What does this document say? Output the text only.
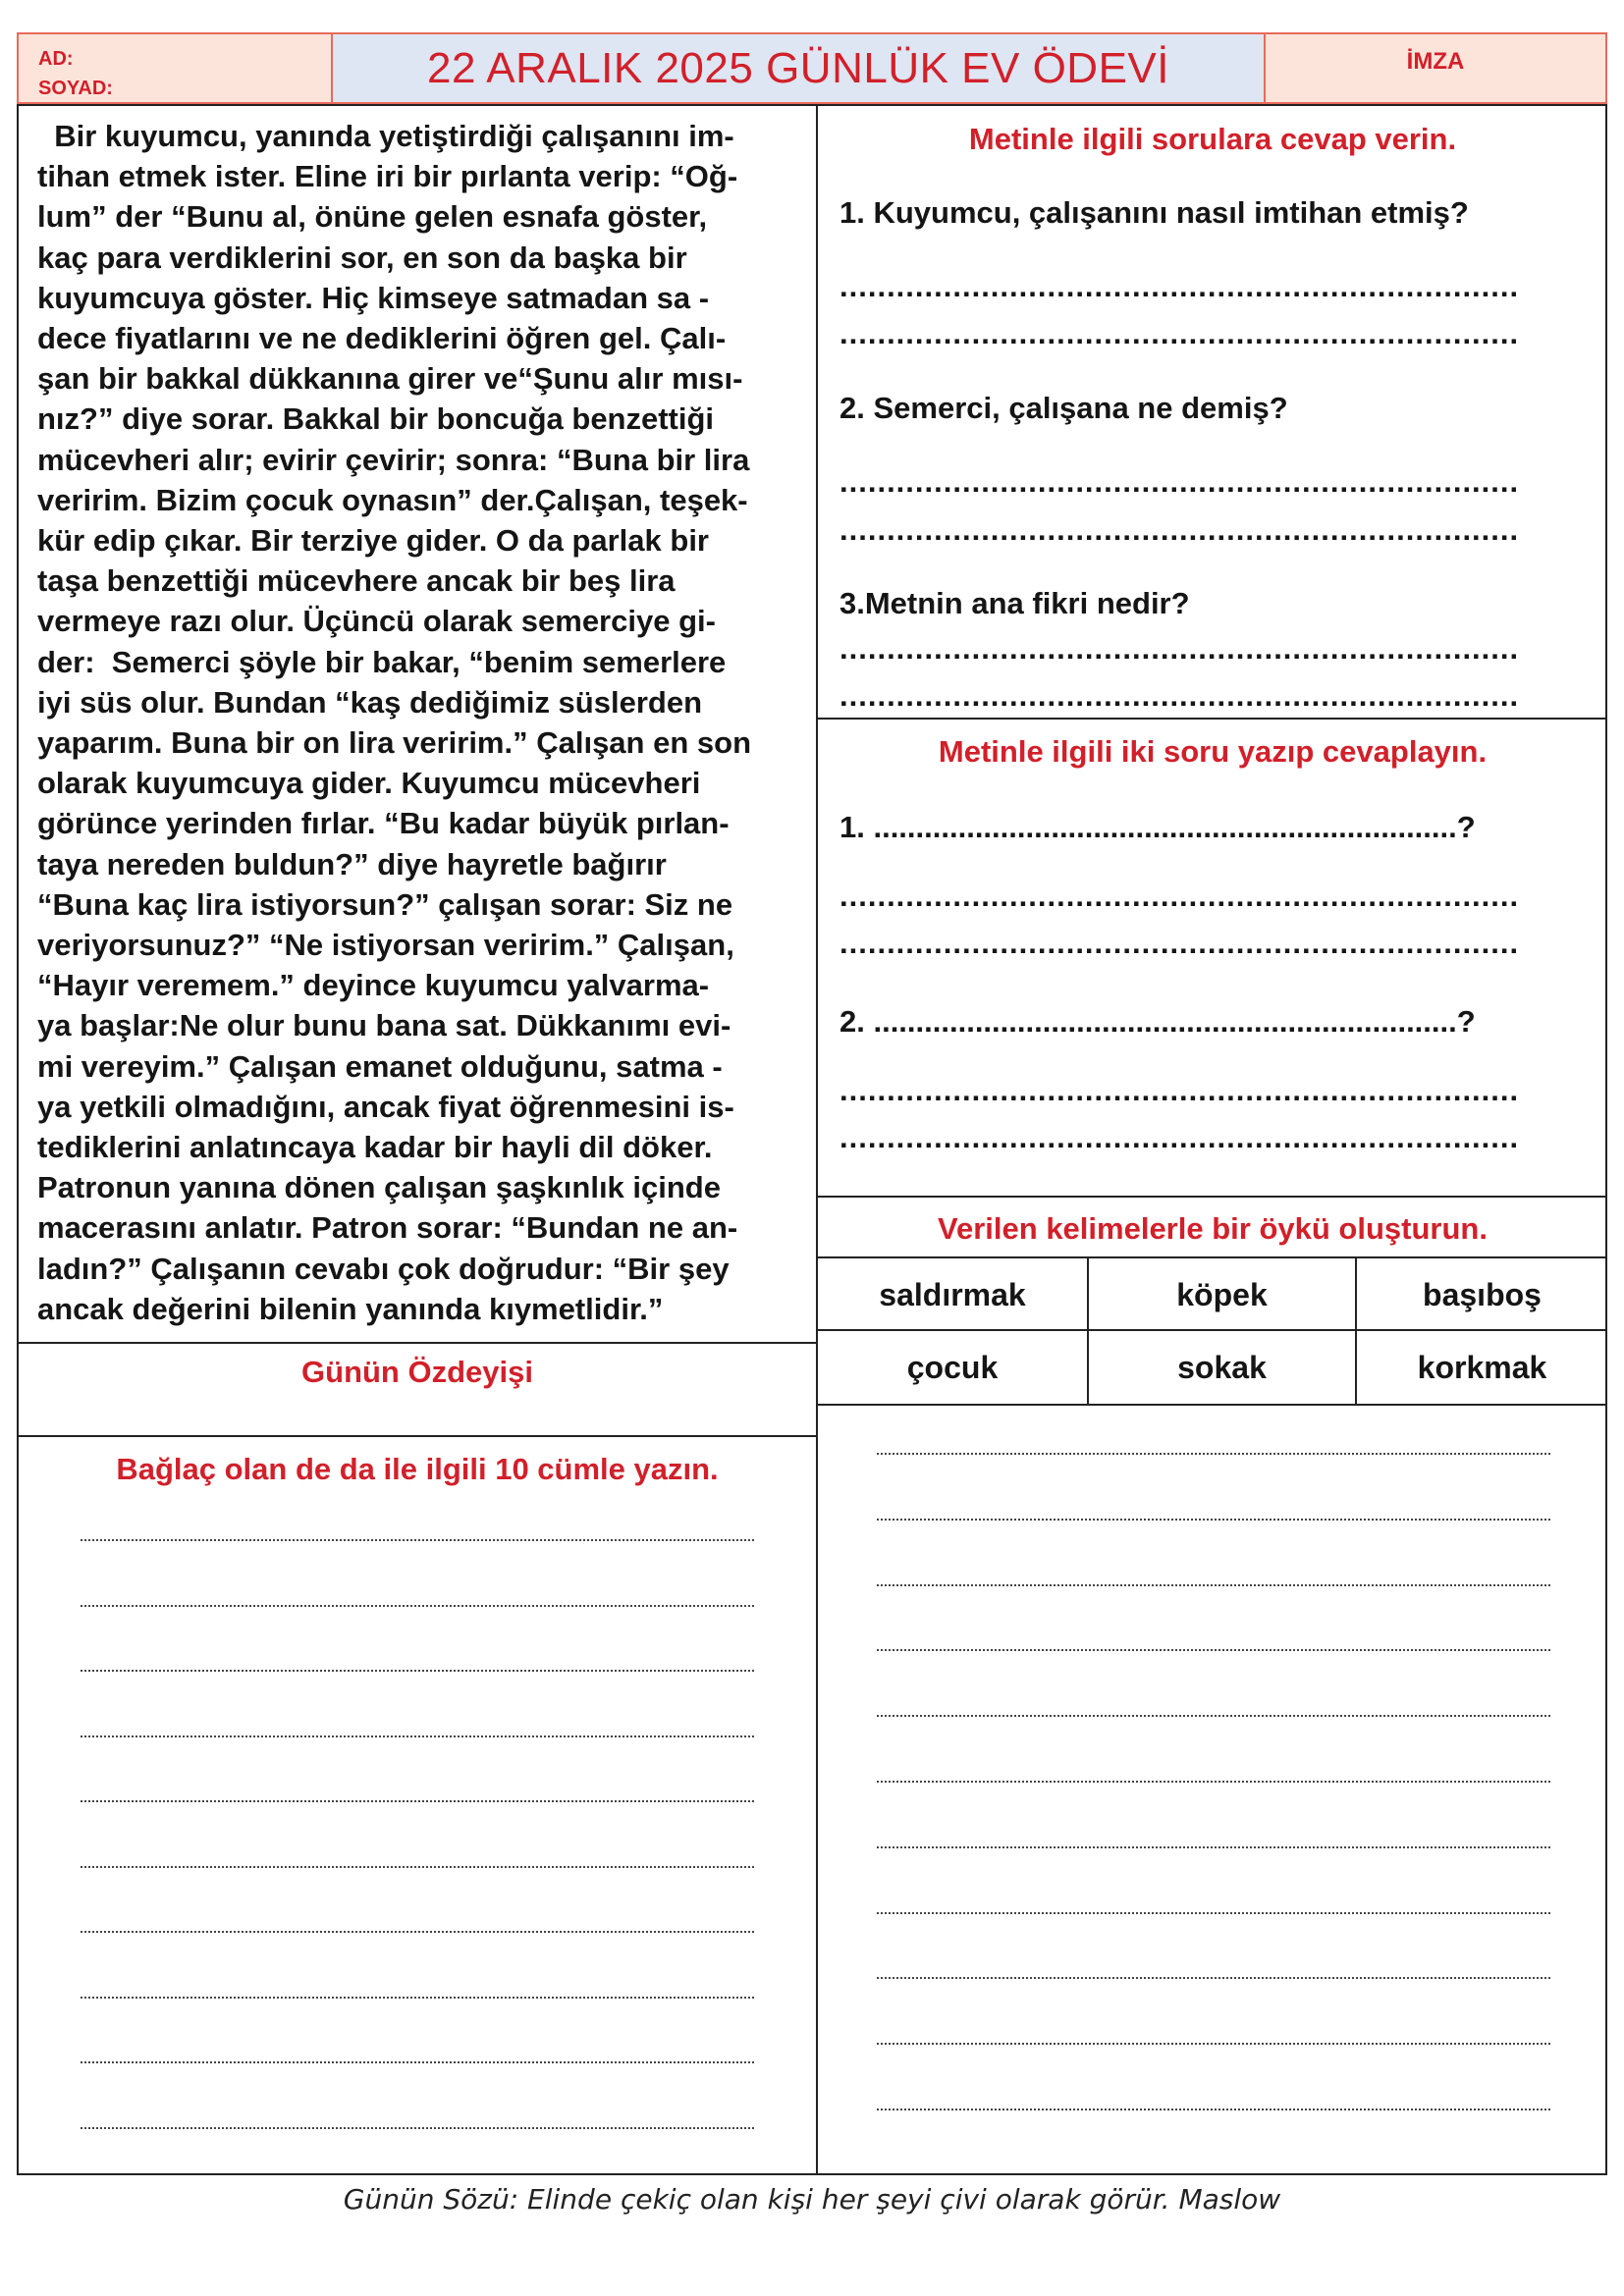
AD:
SOYAD:	22 ARALIK 2025 GÜNLÜK EV ÖDEVİ	İMZA
Bir kuyumcu, yanında yetiştirdiği çalışanını im-
tihan etmek ister. Eline iri bir pırlanta verip: “Oğ-
lum” der “Bunu al, önüne gelen esnafa göster,
kaç para verdiklerini sor, en son da başka bir
kuyumcuya göster. Hiç kimseye satmadan sa -
dece fiyatlarını ve ne dediklerini öğren gel. Çalı-
şan bir bakkal dükkanına girer ve“Şunu alır mısı-
nız?” diye sorar. Bakkal bir boncuğa benzettiği
mücevheri alır; evirir çevirir; sonra: “Buna bir lira
veririm. Bizim çocuk oynasın” der.Çalışan, teşek-
kür edip çıkar. Bir terziye gider. O da parlak bir
taşa benzettiği mücevhere ancak bir beş lira
vermeye razı olur. Üçüncü olarak semerciye gi-
der:  Semerci şöyle bir bakar, “benim semerlere
iyi süs olur. Bundan “kaş dediğimiz süslerden
yaparım. Buna bir on lira veririm.” Çalışan en son
olarak kuyumcuya gider. Kuyumcu mücevheri
görünce yerinden fırlar. “Bu kadar büyük pırlan-
taya nereden buldun?” diye hayretle bağırır
“Buna kaç lira istiyorsun?” çalışan sorar: Siz ne
veriyorsunuz?” “Ne istiyorsan veririm.” Çalışan,
“Hayır veremem.” deyince kuyumcu yalvarma-
ya başlar:Ne olur bunu bana sat. Dükkanımı evi-
mi vereyim.” Çalışan emanet olduğunu, satma -
ya yetkili olmadığını, ancak fiyat öğrenmesini is-
tediklerini anlatıncaya kadar bir hayli dil döker.
Patronun yanına dönen çalışan şaşkınlık içinde
macerasını anlatır. Patron sorar: “Bundan ne an-
ladın?” Çalışanın cevabı çok doğrudur: “Bir şey
ancak değerini bilenin yanında kıymetlidir.”
Günün Özdeyişi
Bağlaç olan de da ile ilgili 10 cümle yazın.
Metinle ilgili sorulara cevap verin.
1. Kuyumcu, çalışanını nasıl imtihan etmiş?
........................................................................
........................................................................
2. Semerci, çalışana ne demiş?
........................................................................
........................................................................
3.Metnin ana fikri nedir?
........................................................................
........................................................................
Metinle ilgili iki soru yazıp cevaplayın.
1. .....................................................................?
........................................................................
........................................................................
2. .....................................................................?
........................................................................
........................................................................
Verilen kelimelerle bir öykü oluşturun.
saldırmak	köpek	başıboş
çocuk	sokak	korkmak
Günün Sözü: Elinde çekiç olan kişi her şeyi çivi olarak görür. Maslow
